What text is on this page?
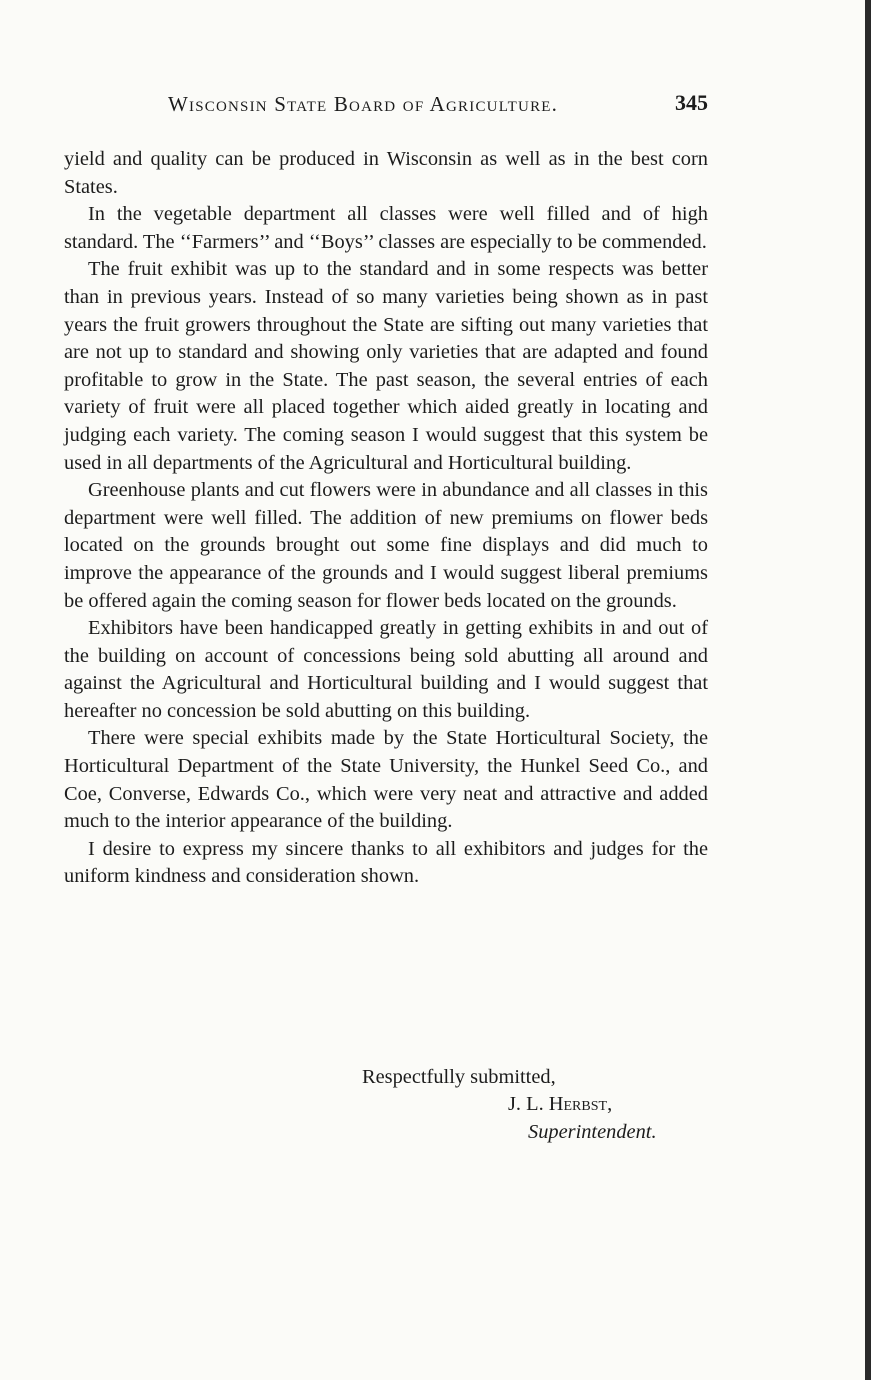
Wisconsin State Board of Agriculture.	345

yield and quality can be produced in Wisconsin as well as in the best corn States.

In the vegetable department all classes were well filled and of high standard. The ‘‘Farmers’’ and ‘‘Boys’’ classes are especially to be commended.

The fruit exhibit was up to the standard and in some respects was better than in previous years. Instead of so many varieties being shown as in past years the fruit growers throughout the State are sifting out many varieties that are not up to standard and showing only varieties that are adapted and found profitable to grow in the State. The past season, the several entries of each variety of fruit were all placed together which aided greatly in locating and judging each variety. The coming season I would suggest that this system be used in all departments of the Agricultural and Horticultural building.

Greenhouse plants and cut flowers were in abundance and all classes in this department were well filled. The addition of new premiums on flower beds located on the grounds brought out some fine displays and did much to improve the appearance of the grounds and I would suggest liberal premiums be offered again the coming season for flower beds located on the grounds.

Exhibitors have been handicapped greatly in getting exhibits in and out of the building on account of concessions being sold abutting all around and against the Agricultural and Horticultural building and I would suggest that hereafter no concession be sold abutting on this building.

There were special exhibits made by the State Horticultural Society, the Horticultural Department of the State University, the Hunkel Seed Co., and Coe, Converse, Edwards Co., which were very neat and attractive and added much to the interior appearance of the building.

I desire to express my sincere thanks to all exhibitors and judges for the uniform kindness and consideration shown.

Respectfully submitted,
J. L. Herbst,
Superintendent.
